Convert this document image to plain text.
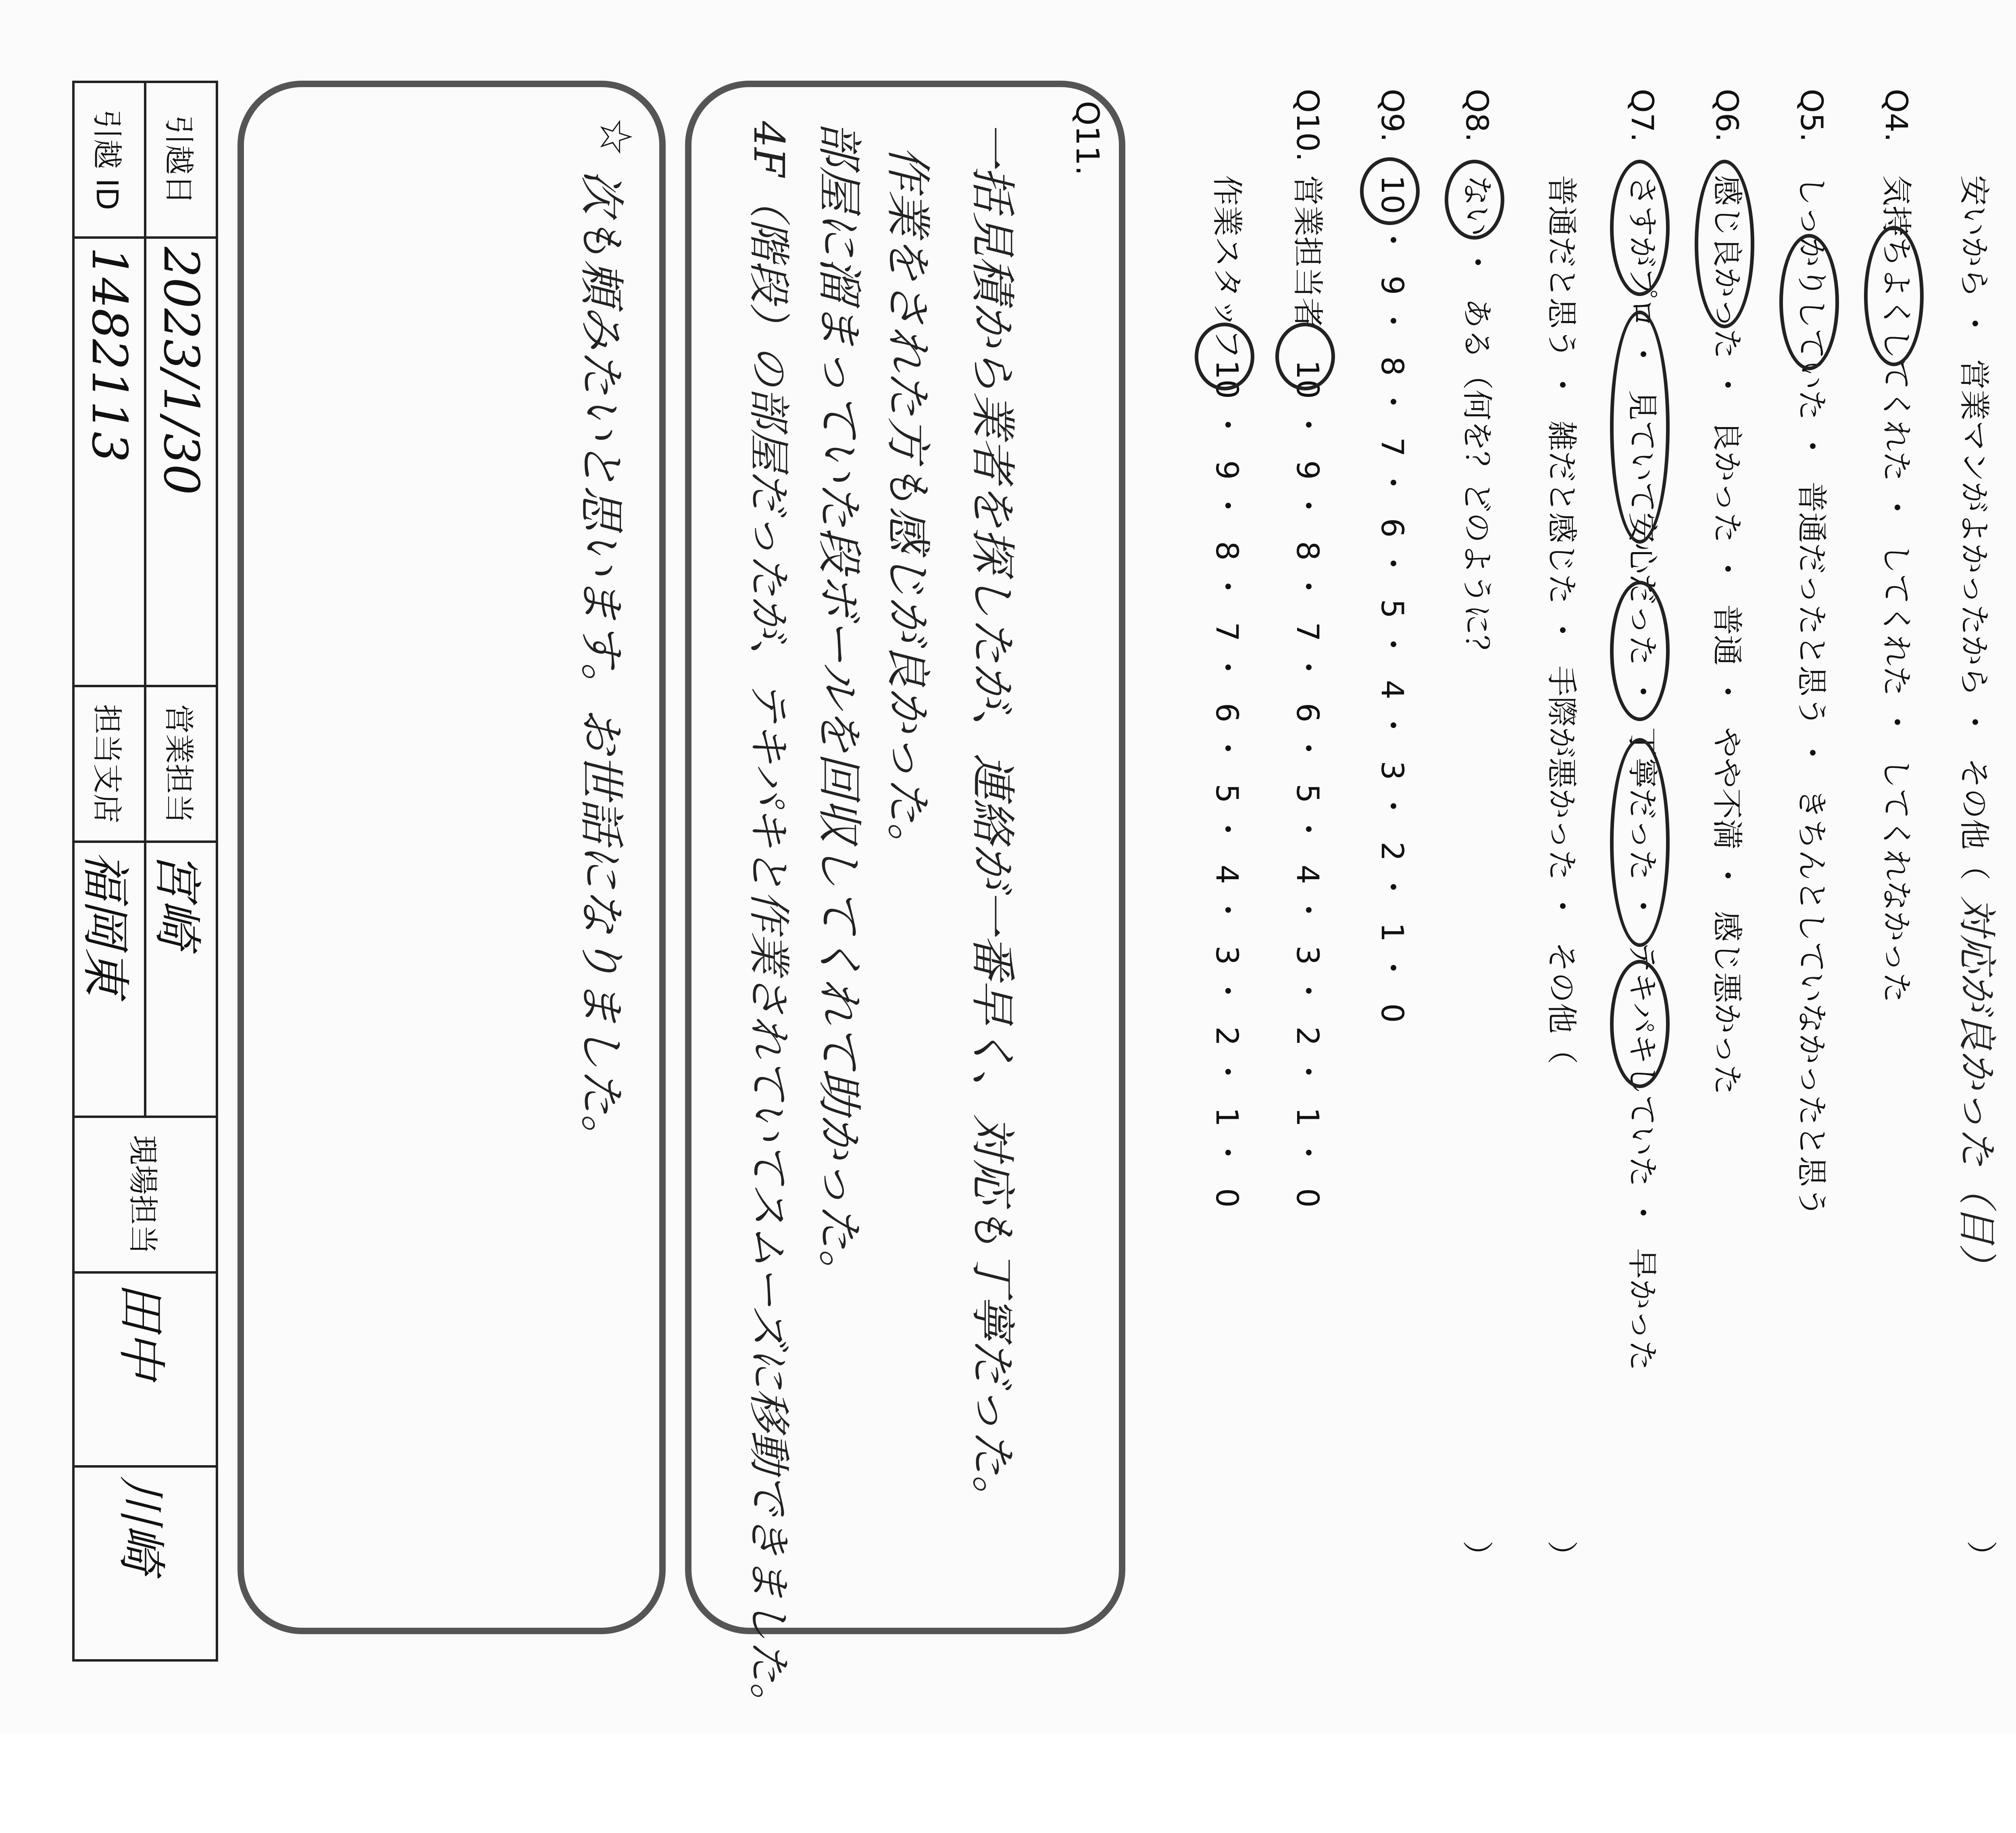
安いから・ 営業マンがよかったから・ その他（ 対応が良かった（目）
）
Q4. 気持ちよくしてくれた・ してくれた・ してくれなかった
Q5. しっかりしていた・ 普通だったと思う・ きちんとしていなかったと思う
Q6. 感じ良かった・ 良かった・ 普通・ やや不満・ 感じ悪かった
Q7. さすがプロ・ 見ていて安心だった・ 丁寧だった・ テキパキしていた・ 早かった
普通だと思う・ 雑だと感じた・ 手際が悪かった・ その他（
）
Q8. ない・ ある（何を？どのように？
）
Q9. 10・ 9・ 8・ 7・ 6・ 5・ 4・ 3・ 2・ 1・ 0
Q10. 営業担当者 10・ 9・ 8・ 7・ 6・ 5・ 4・ 3・ 2・ 1・ 0
作業スタッフ 10・ 9・ 8・ 7・ 6・ 5・ 4・ 3・ 2・ 1・ 0
Q11.
一括見積から業者を探したが、連絡が一番早く、対応も丁寧だった。
作業をされた方も感じが良かった。
部屋に溜まっていた段ボールを回収してくれて助かった。
4F（階段）の部屋だったが、テキパキと作業されていてスムーズに移動できました。
☆
次も頼みたいと思います。お世話になりました。
引越日	2023/1/30	営業担当	宮崎	現場担当	田中	川崎
引越 ID	1482113	担当支店	福岡東			
